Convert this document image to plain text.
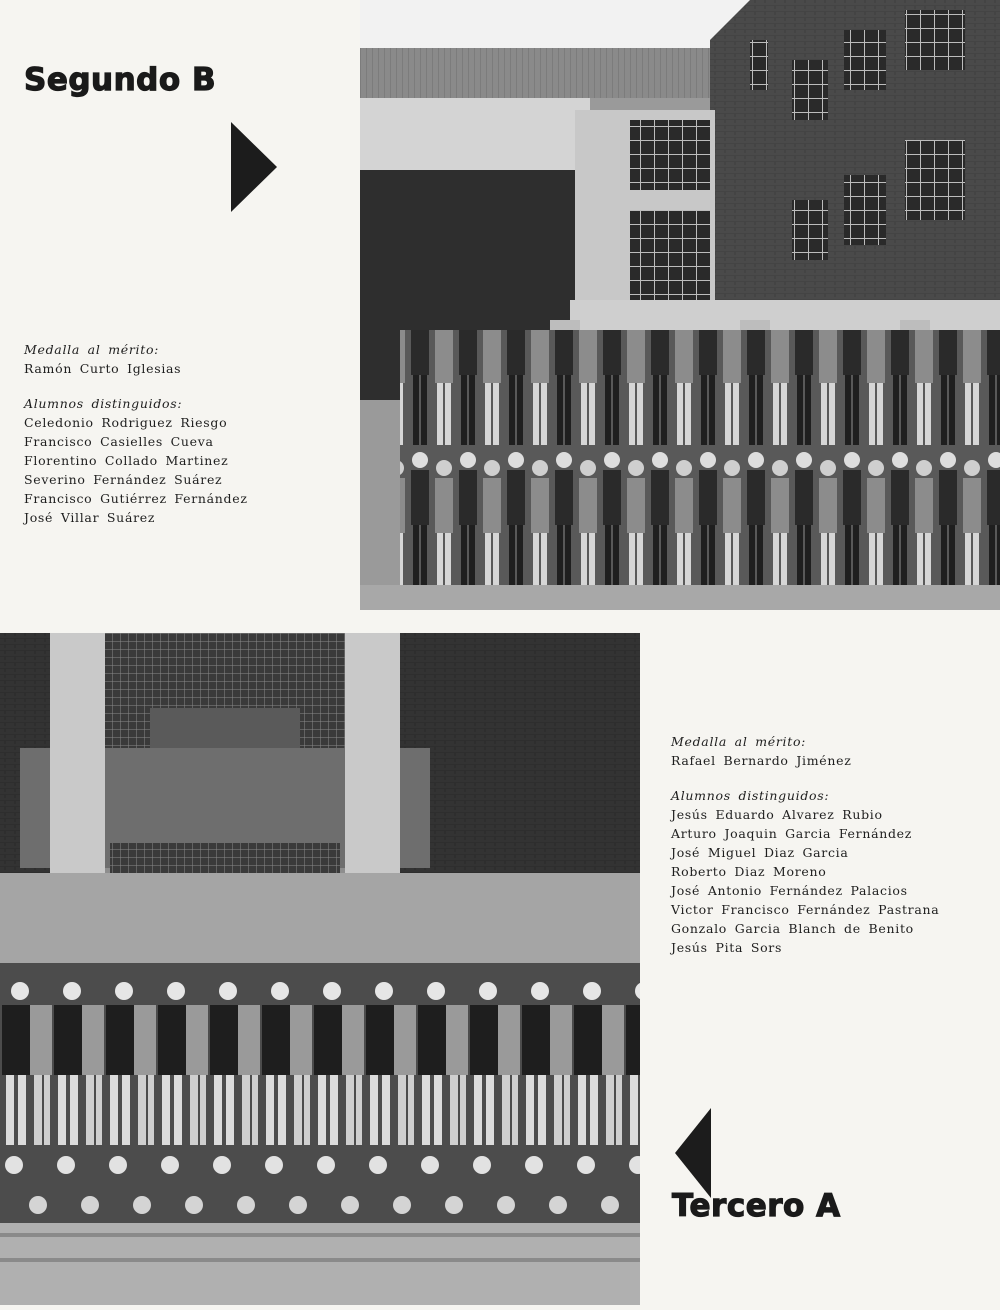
Segundo B
Medalla al mérito:
Ramón Curto Iglesias
Alumnos distinguidos:
Celedonio Rodriguez Riesgo
Francisco Casielles Cueva
Florentino Collado Martinez
Severino Fernández Suárez
Francisco Gutiérrez Fernández
José Villar Suárez
Medalla al mérito:
Rafael Bernardo Jiménez
Alumnos distinguidos:
Jesús Eduardo Alvarez Rubio
Arturo Joaquin Garcia Fernández
José Miguel Diaz Garcia
Roberto Diaz Moreno
José Antonio Fernández Palacios
Victor Francisco Fernández Pastrana
Gonzalo Garcia Blanch de Benito
Jesús Pita Sors
Tercero A
